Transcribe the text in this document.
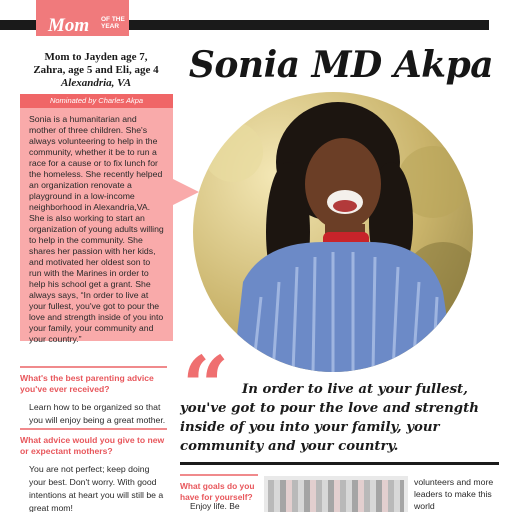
Mom OF THE
YEAR
Mom to Jayden age 7,
Zahra, age 5 and Eli, age 4
Alexandria, VA	Sonia MD Akpa
Nominated by Charles Akpa
Sonia is a humanitarian and mother of three children. She's always volunteering to help in the community, whether it be to run a race for a cause or to fix lunch for the homeless. She recently helped an organization renovate a playground in a low-income neighborhood in Alexandria,VA. She is also working to start an organization of young adults willing to help in the community. She shares her passion with her kids, and motivated her oldest son to run with the Marines in order to help his school get a grant. She always says, “In order to live at your fullest, you've got to pour the love and strength inside of you into your family, your community and your country.”
What's the best parenting advice you've ever received?
Learn how to be organized so that you will enjoy being a great mother.
What advice would you give to new or expectant mothers?
You are not perfect; keep doing your best. Don't worry. With good intentions at heart you will still be a great mom!
“ In order to live at your fullest,
you've got to pour the love and strength inside of you into your family, your community and your country.
What goals do you have for yourself?
Enjoy life. Be
volunteers and more leaders to make this world
